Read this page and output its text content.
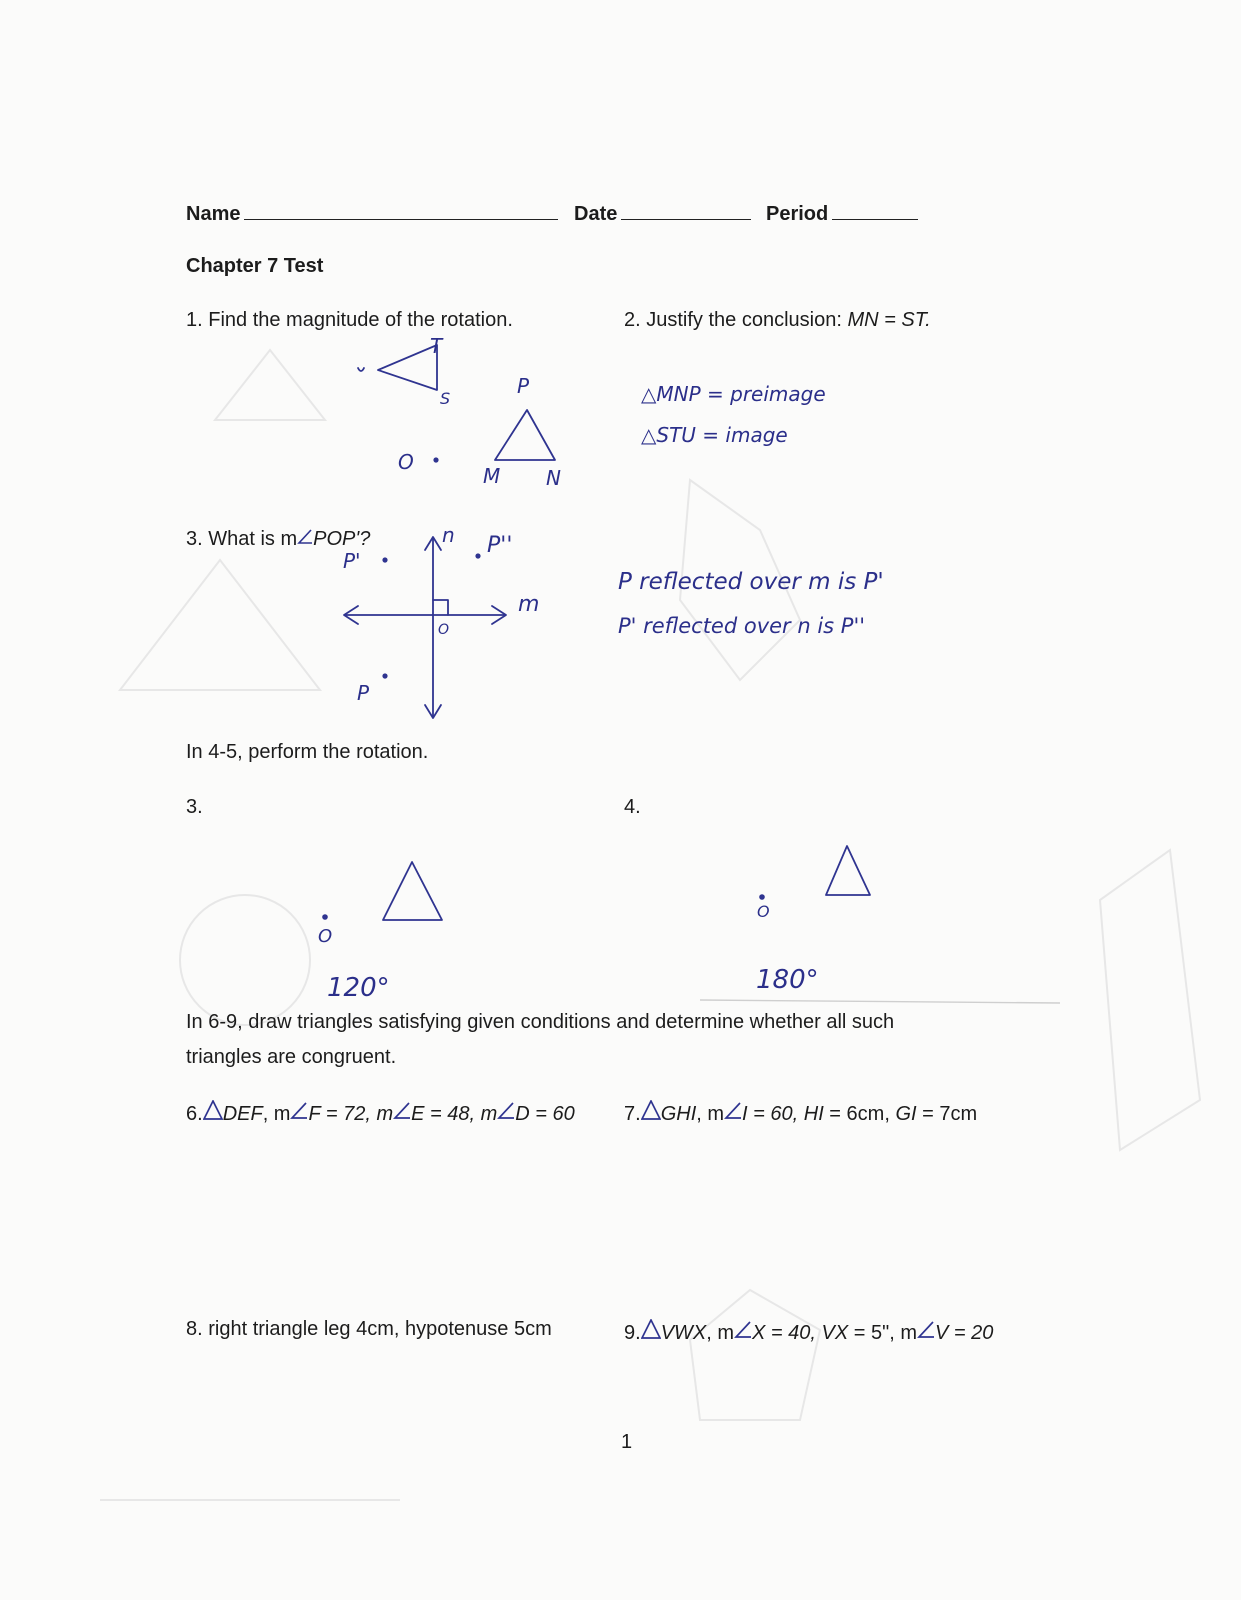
Name	Date	Period
Chapter 7 Test
1. Find the magnitude of the rotation.
T
S
P
M N
O
2. Justify the conclusion: MN = ST.
△MNP = preimage
△STU = image
3. What is m POP'?
P'
P''
n
m
O
P
P reflected over m is P'
P' reflected over n is P''
In 4-5, perform the rotation.
3.	4.
O
O
120°	180°
In 6-9, draw triangles satisfying given conditions and determine whether all such
triangles are congruent.
6. DEF, m F = 72, m E = 48, m D = 60 7. GHI, m I = 60, HI = 6cm, GI = 7cm
8. right triangle leg 4cm, hypotenuse 5cm	9. VWX, m X = 40, VX = 5", m V = 20
1
